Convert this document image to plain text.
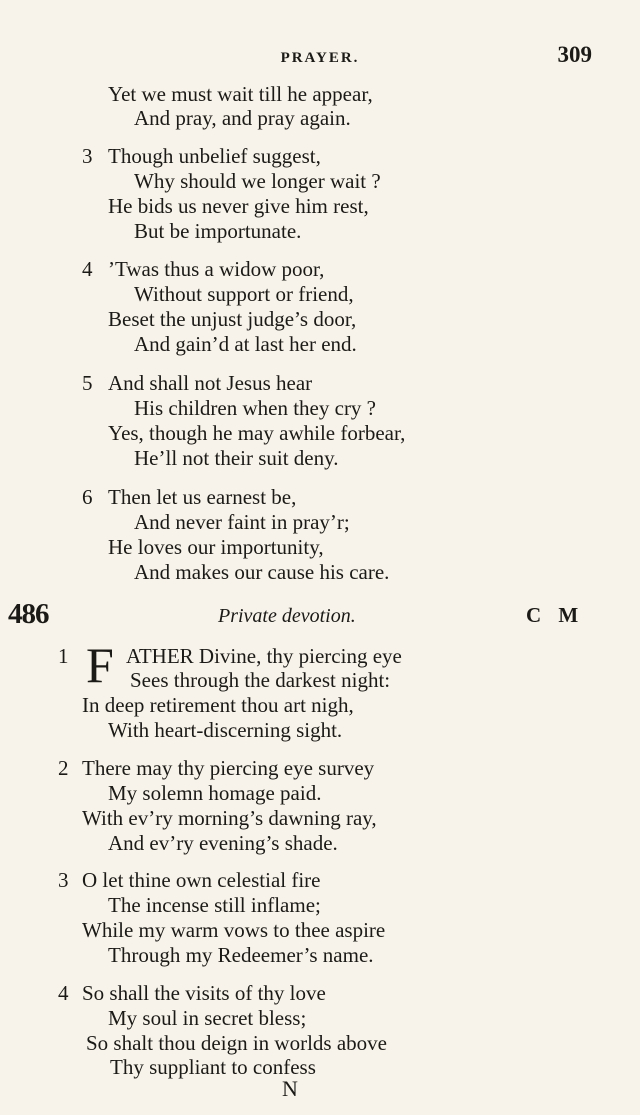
PRAYER.	309
Yet we must wait till he appear,
And pray, and pray again.
3 Though unbelief suggest,
Why should we longer wait ?
He bids us never give him rest,
But be importunate.
4 ’Twas thus a widow poor,
Without support or friend,
Beset the unjust judge’s door,
And gain’d at last her end.
5 And shall not Jesus hear
His children when they cry ?
Yes, though he may awhile forbear,
He’ll not their suit deny.
6 Then let us earnest be,
And never faint in pray’r;
He loves our importunity,
And makes our cause his care.
486	Private devotion.	C M
1 F ATHER Divine, thy piercing eye
Sees through the darkest night:
In deep retirement thou art nigh,
With heart-discerning sight.
2 There may thy piercing eye survey
My solemn homage paid.
With ev’ry morning’s dawning ray,
And ev’ry evening’s shade.
3 O let thine own celestial fire
The incense still inflame;
While my warm vows to thee aspire
Through my Redeemer’s name.
4 So shall the visits of thy love
My soul in secret bless;
So shalt thou deign in worlds above
Thy suppliant to confess
N
